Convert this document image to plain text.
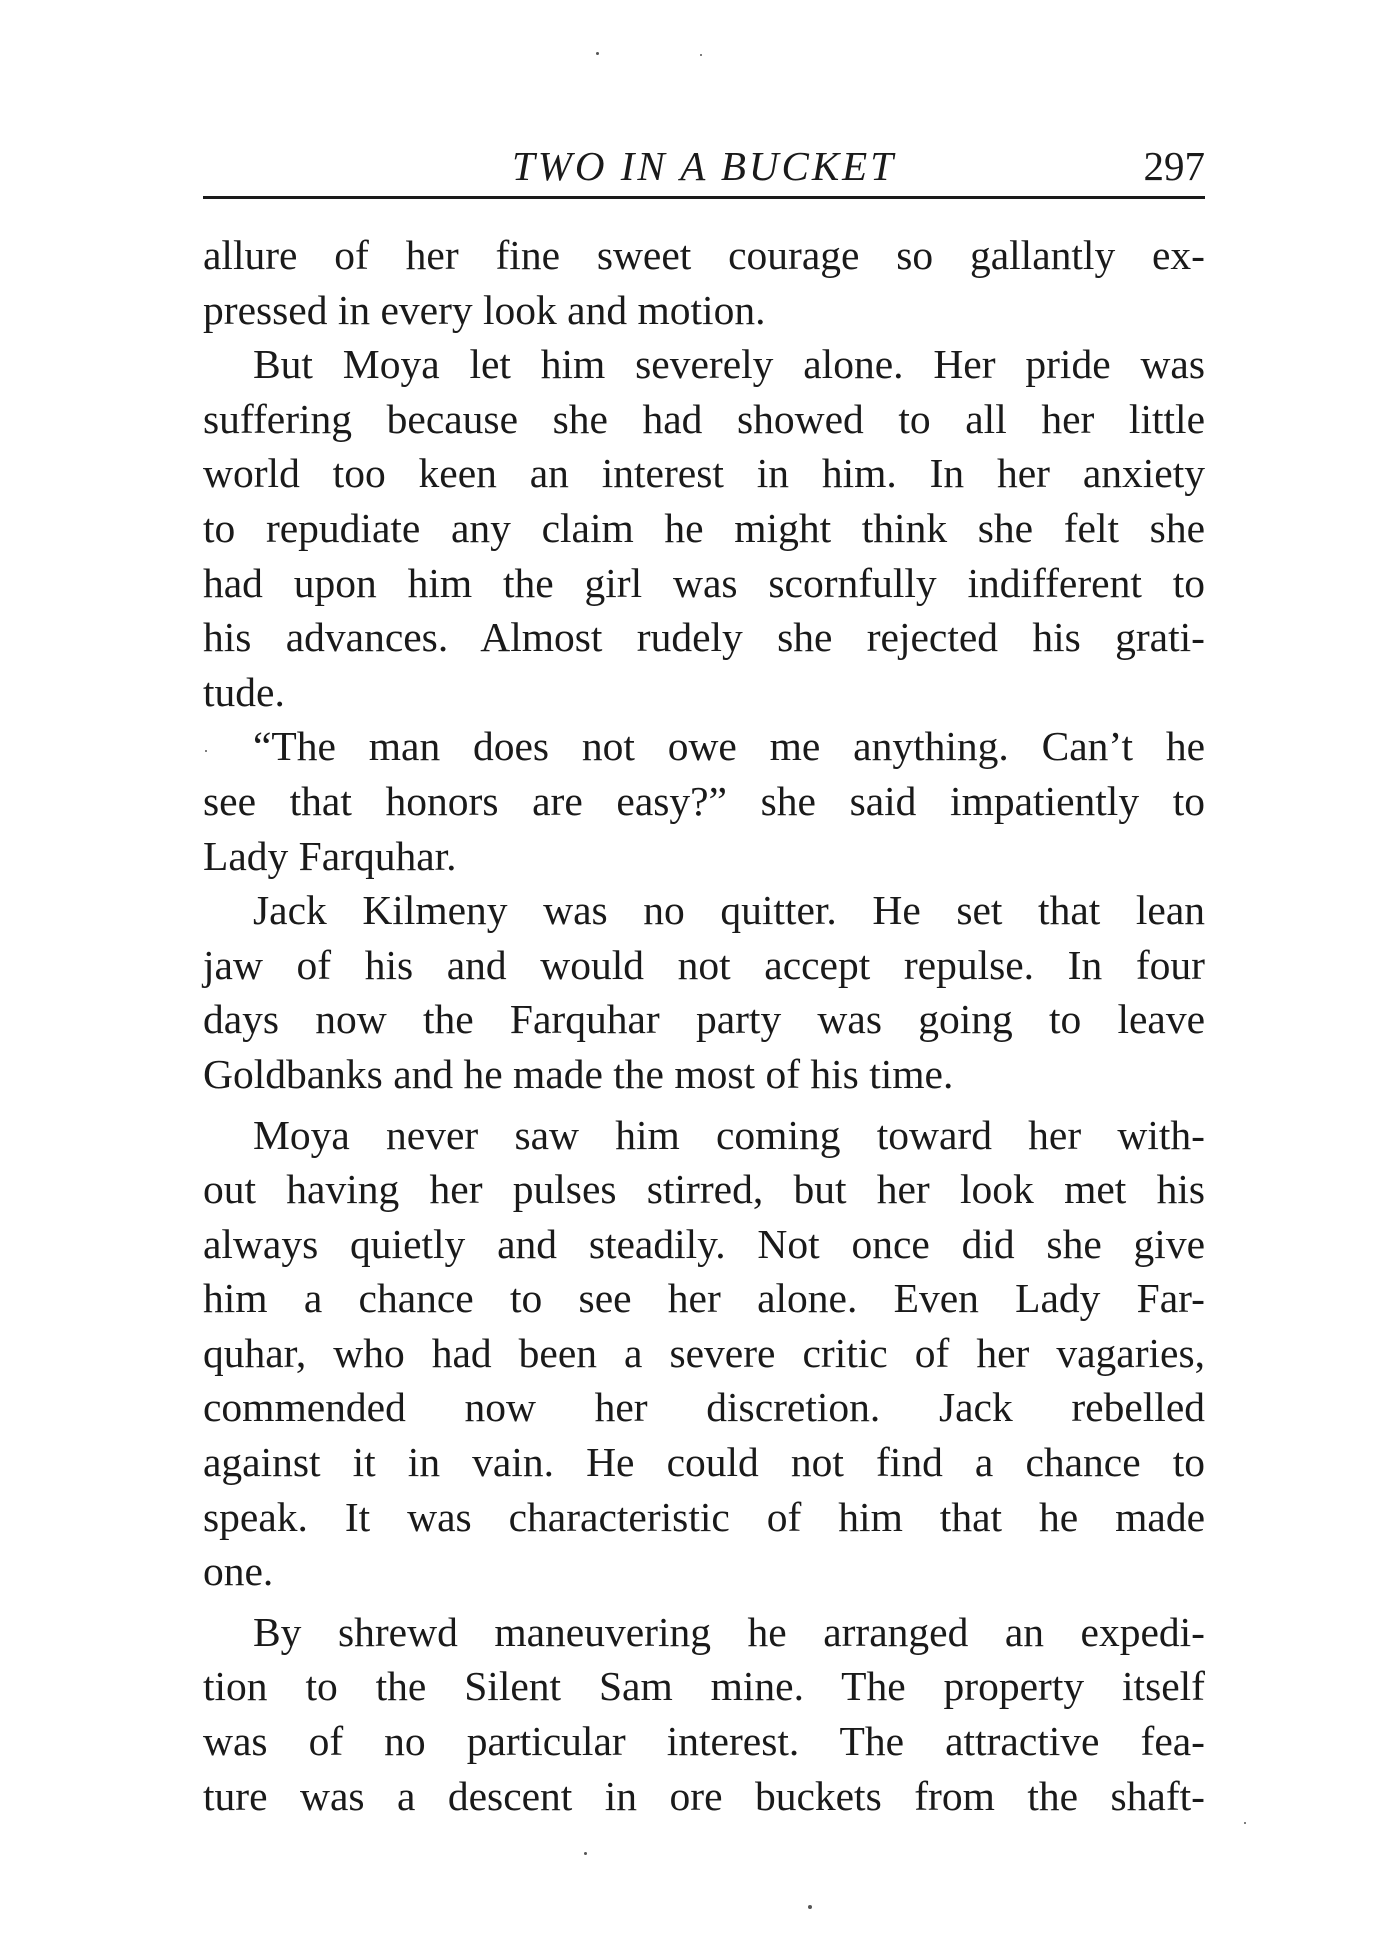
TWO IN A BUCKET	297
allure of her fine sweet courage so gallantly ex-
pressed in every look and motion.
But Moya let him severely alone. Her pride was
suffering because she had showed to all her little
world too keen an interest in him. In her anxiety
to repudiate any claim he might think she felt she
had upon him the girl was scornfully indifferent to
his advances. Almost rudely she rejected his grati-
tude.
“The man does not owe me anything. Can’t he
see that honors are easy?” she said impatiently to
Lady Farquhar.
Jack Kilmeny was no quitter. He set that lean
jaw of his and would not accept repulse. In four
days now the Farquhar party was going to leave
Goldbanks and he made the most of his time.
Moya never saw him coming toward her with-
out having her pulses stirred, but her look met his
always quietly and steadily. Not once did she give
him a chance to see her alone. Even Lady Far-
quhar, who had been a severe critic of her vagaries,
commended now her discretion. Jack rebelled
against it in vain. He could not find a chance to
speak. It was characteristic of him that he made
one.
By shrewd maneuvering he arranged an expedi-
tion to the Silent Sam mine. The property itself
was of no particular interest. The attractive fea-
ture was a descent in ore buckets from the shaft-
